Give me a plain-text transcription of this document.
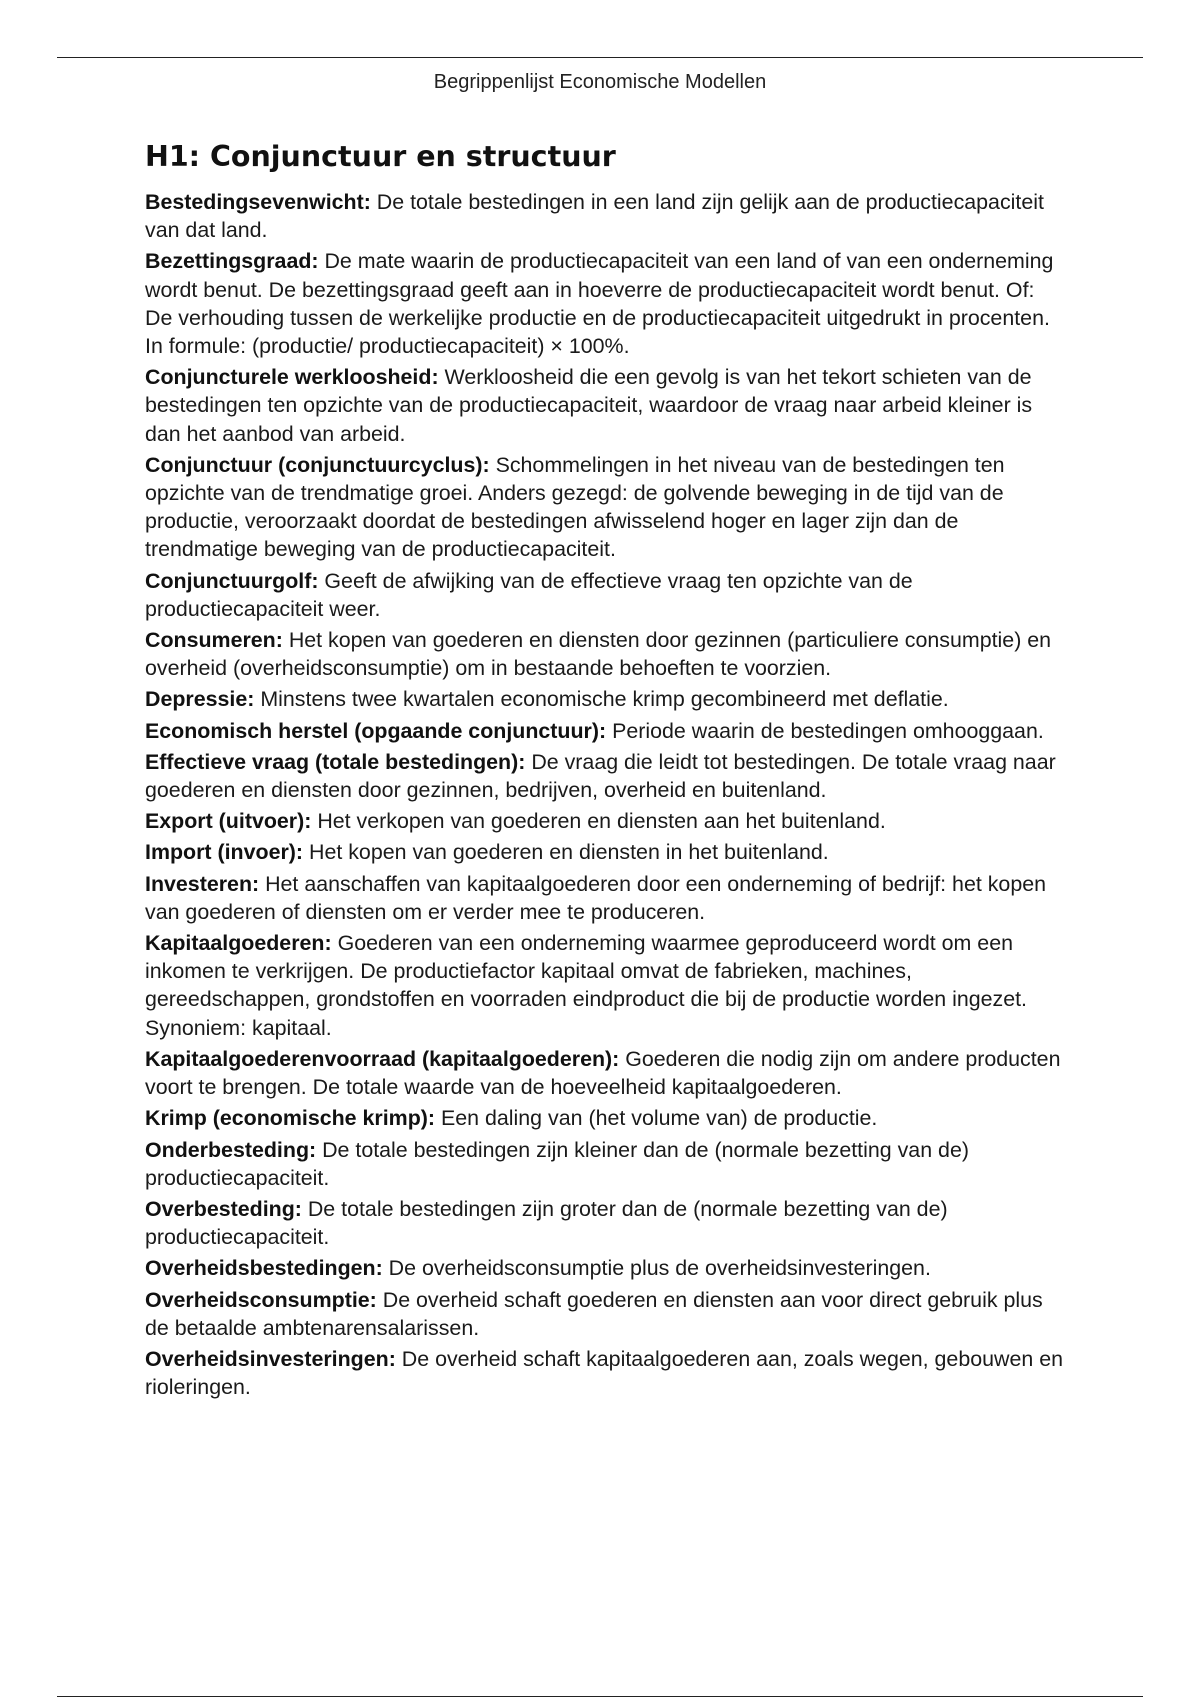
Begrippenlijst Economische Modellen
H1: Conjunctuur en structuur

Bestedingsevenwicht: De totale bestedingen in een land zijn gelijk aan de productiecapaciteit van dat land.

Bezettingsgraad: De mate waarin de productiecapaciteit van een land of van een onderneming wordt benut. De bezettingsgraad geeft aan in hoeverre de productiecapaciteit wordt benut. Of: De verhouding tussen de werkelijke productie en de productiecapaciteit uitgedrukt in procenten. In formule: (productie/ productiecapaciteit) × 100%.

Conjuncturele werkloosheid: Werkloosheid die een gevolg is van het tekort schieten van de bestedingen ten opzichte van de productiecapaciteit, waardoor de vraag naar arbeid kleiner is dan het aanbod van arbeid.

Conjunctuur (conjunctuurcyclus): Schommelingen in het niveau van de bestedingen ten opzichte van de trendmatige groei. Anders gezegd: de golvende beweging in de tijd van de productie, veroorzaakt doordat de bestedingen afwisselend hoger en lager zijn dan de trendmatige beweging van de productiecapaciteit.

Conjunctuurgolf: Geeft de afwijking van de effectieve vraag ten opzichte van de productiecapaciteit weer.

Consumeren: Het kopen van goederen en diensten door gezinnen (particuliere consumptie) en overheid (overheidsconsumptie) om in bestaande behoeften te voorzien.

Depressie: Minstens twee kwartalen economische krimp gecombineerd met deflatie.

Economisch herstel (opgaande conjunctuur): Periode waarin de bestedingen omhooggaan.

Effectieve vraag (totale bestedingen): De vraag die leidt tot bestedingen. De totale vraag naar goederen en diensten door gezinnen, bedrijven, overheid en buitenland.

Export (uitvoer): Het verkopen van goederen en diensten aan het buitenland.

Import (invoer): Het kopen van goederen en diensten in het buitenland.

Investeren: Het aanschaffen van kapitaalgoederen door een onderneming of bedrijf: het kopen van goederen of diensten om er verder mee te produceren.

Kapitaalgoederen: Goederen van een onderneming waarmee geproduceerd wordt om een inkomen te verkrijgen. De productiefactor kapitaal omvat de fabrieken, machines, gereedschappen, grondstoffen en voorraden eindproduct die bij de productie worden ingezet. Synoniem: kapitaal.

Kapitaalgoederenvoorraad (kapitaalgoederen): Goederen die nodig zijn om andere producten voort te brengen. De totale waarde van de hoeveelheid kapitaalgoederen.

Krimp (economische krimp): Een daling van (het volume van) de productie.

Onderbesteding: De totale bestedingen zijn kleiner dan de (normale bezetting van de) productiecapaciteit.

Overbesteding: De totale bestedingen zijn groter dan de (normale bezetting van de) productiecapaciteit.

Overheidsbestedingen: De overheidsconsumptie plus de overheidsinvesteringen.

Overheidsconsumptie: De overheid schaft goederen en diensten aan voor direct gebruik plus de betaalde ambtenarensalarissen.

Overheidsinvesteringen: De overheid schaft kapitaalgoederen aan, zoals wegen, gebouwen en rioleringen.
